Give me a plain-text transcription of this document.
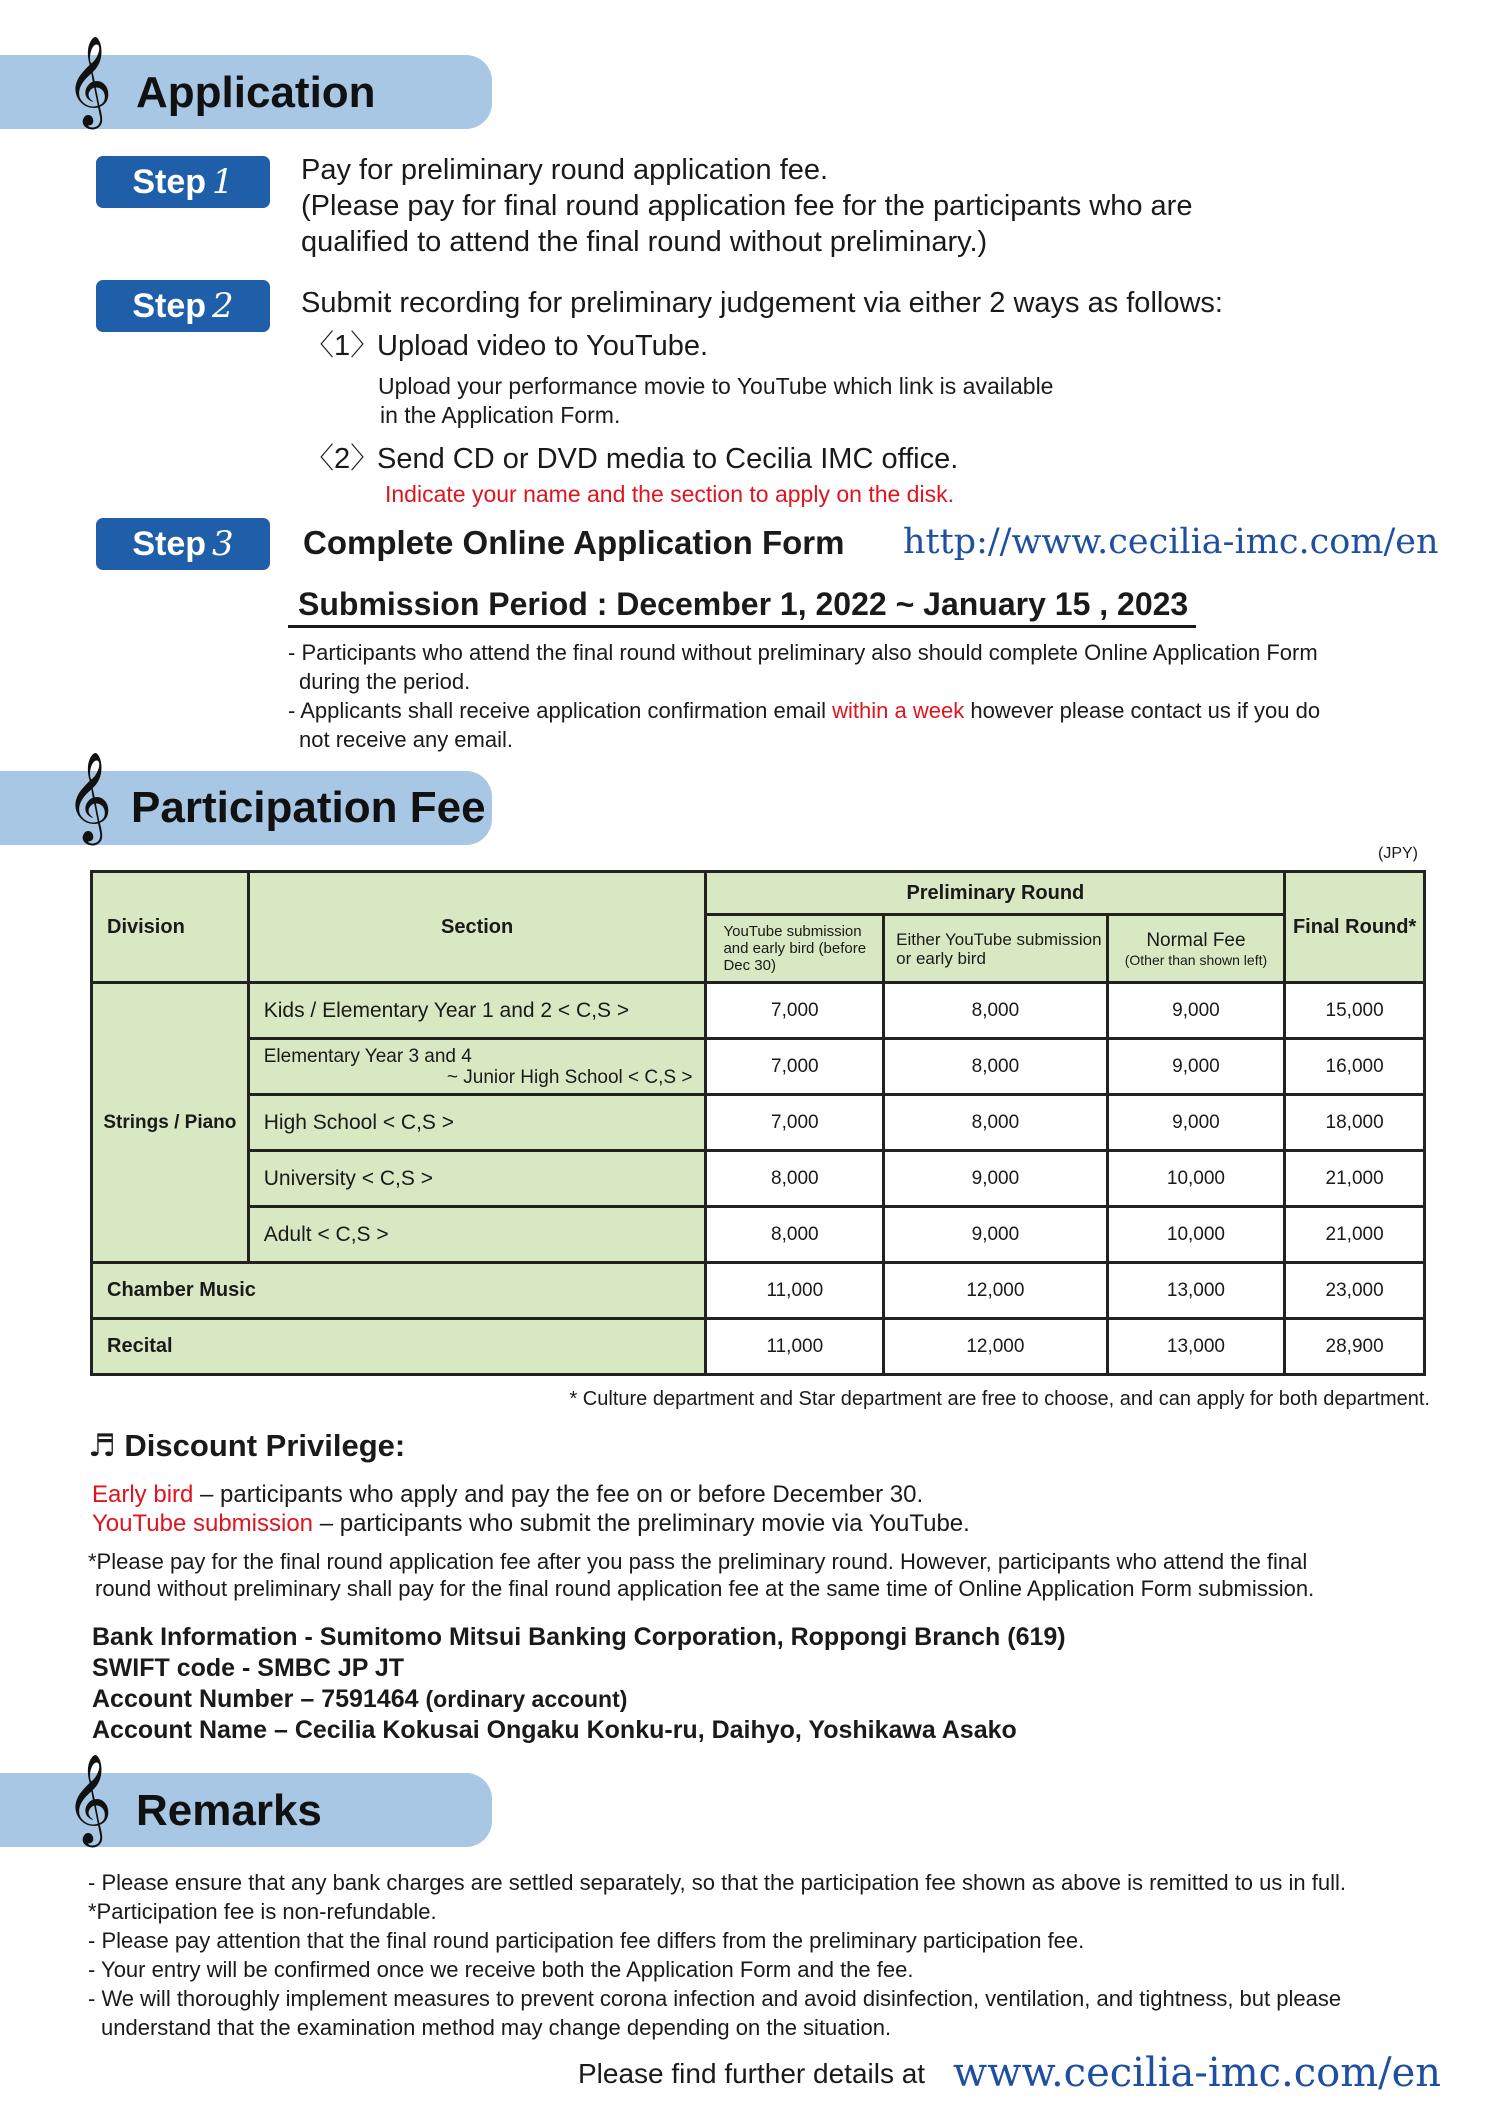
𝄞 Application
Step 1	Pay for preliminary round application fee.
(Please pay for final round application fee for the participants who are
qualified to attend the final round without preliminary.)
Step 2	Submit recording for preliminary judgement via either 2 ways as follows:
〈1〉
Upload video to YouTube.
Upload your performance movie to YouTube which link is available
in the Application Form.
〈2〉
Send CD or DVD media to Cecilia IMC office.
Indicate your name and the section to apply on the disk.
Step 3	Complete Online Application Form http://www.cecilia-imc.com/en
Submission Period : December 1, 2022 ~ January 15 , 2023
- Participants who attend the final round without preliminary also should complete Online Application Form
during the period.
- Applicants shall receive application confirmation email within a week however please contact us if you do
not receive any email.
𝄞 Participation Fee
(JPY)
Division	Section	Preliminary Round			Final Round*
		YouTube submission and early bird (before Dec 30)	Either YouTube submission or early bird	Normal Fee
(Other than shown left)	

Strings / Piano	Kids / Elementary Year 1 and 2 < C,S >	7,000	8,000	9,000	15,000

	Elementary Year 3 and 4
~ Junior High School < C,S >	7,000	8,000	9,000	16,000
	High School < C,S >	7,000	8,000	9,000	18,000
	University < C,S >	8,000	9,000	10,000	21,000
	Adult < C,S >	8,000	9,000	10,000	21,000
Chamber Music		11,000	12,000	13,000	23,000
Recital		11,000	12,000	13,000	28,900
* Culture department and Star department are free to choose, and can apply for both department.
♬ Discount Privilege:
Early bird – participants who apply and pay the fee on or before December 30.
YouTube submission – participants who submit the preliminary movie via YouTube.
*Please pay for the final round application fee after you pass the preliminary round. However, participants who attend the final
round without preliminary shall pay for the final round application fee at the same time of Online Application Form submission.
Bank Information - Sumitomo Mitsui Banking Corporation, Roppongi Branch (619)
SWIFT code - SMBC JP JT
Account Number – 7591464 (ordinary account)
Account Name – Cecilia Kokusai Ongaku Konku-ru, Daihyo, Yoshikawa Asako
𝄞 Remarks
- Please ensure that any bank charges are settled separately, so that the participation fee shown as above is remitted to us in full.
*Participation fee is non-refundable.
- Please pay attention that the final round participation fee differs from the preliminary participation fee.
- Your entry will be confirmed once we receive both the Application Form and the fee.
- We will thoroughly implement measures to prevent corona infection and avoid disinfection, ventilation, and tightness, but please
understand that the examination method may change depending on the situation.
Please find further details at www.cecilia-imc.com/en
